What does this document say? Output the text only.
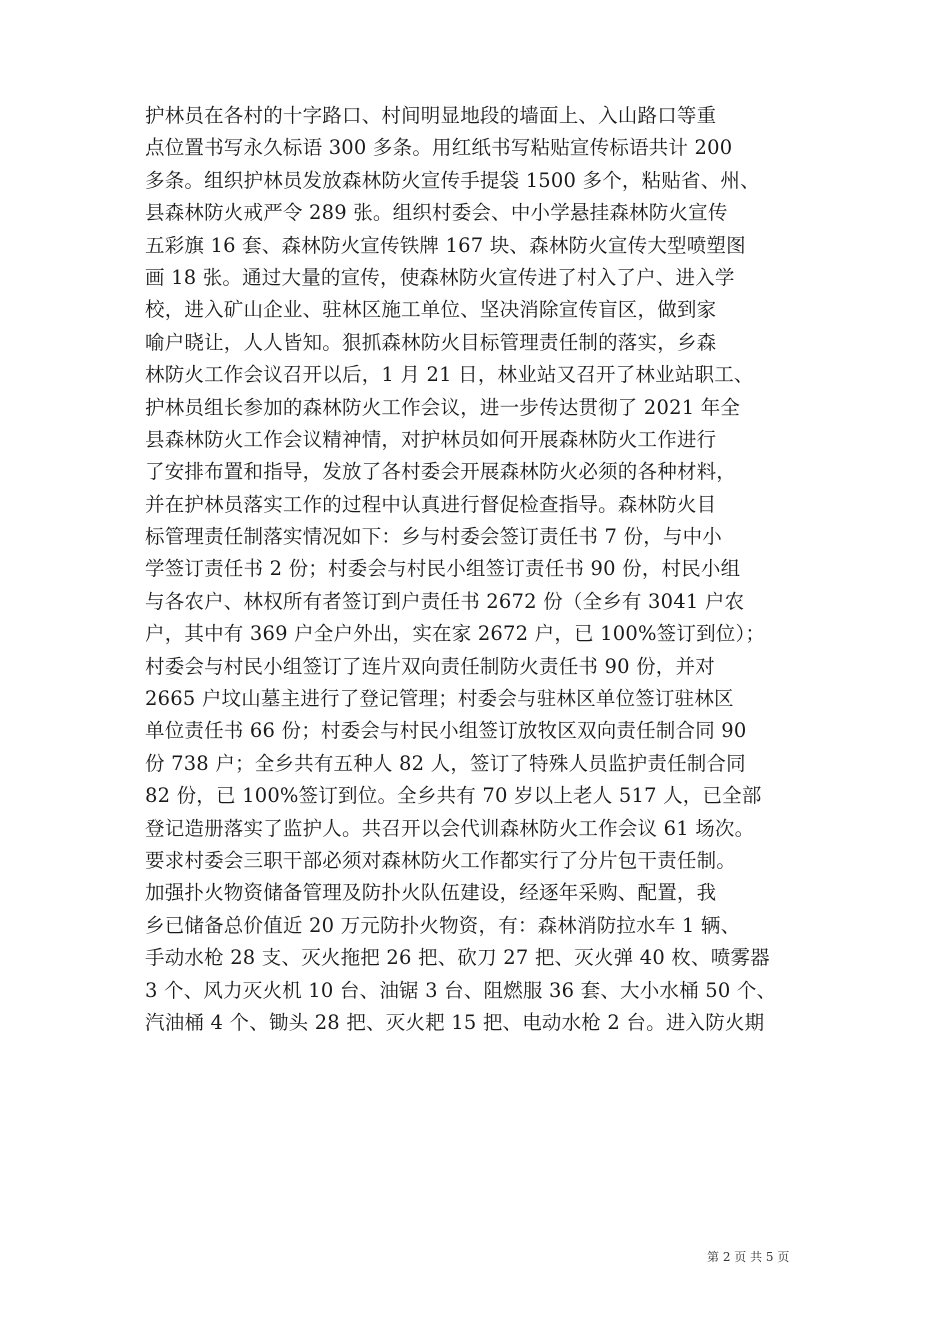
护林员在各村的十字路口、村间明显地段的墙面上、入山路口等重
点位置书写永久标语 300 多条。用红纸书写粘贴宣传标语共计 200
多条。组织护林员发放森林防火宣传手提袋 1500 多个，粘贴省、州、
县森林防火戒严令 289 张。组织村委会、中小学悬挂森林防火宣传
五彩旗 16 套、森林防火宣传铁牌 167 块、森林防火宣传大型喷塑图
画 18 张。通过大量的宣传，使森林防火宣传进了村入了户、进入学
校，进入矿山企业、驻林区施工单位、坚决消除宣传盲区，做到家
喻户晓让，人人皆知。狠抓森林防火目标管理责任制的落实，乡森
林防火工作会议召开以后，1 月 21 日，林业站又召开了林业站职工、
护林员组长参加的森林防火工作会议，进一步传达贯彻了 2021 年全
县森林防火工作会议精神情，对护林员如何开展森林防火工作进行
了安排布置和指导，发放了各村委会开展森林防火必须的各种材料，
并在护林员落实工作的过程中认真进行督促检查指导。森林防火目
标管理责任制落实情况如下：乡与村委会签订责任书 7 份，与中小
学签订责任书 2 份；村委会与村民小组签订责任书 90 份，村民小组
与各农户、林权所有者签订到户责任书 2672 份（全乡有 3041 户农
户，其中有 369 户全户外出，实在家 2672 户，已 100%签订到位）；
村委会与村民小组签订了连片双向责任制防火责任书 90 份，并对
2665 户坟山墓主进行了登记管理；村委会与驻林区单位签订驻林区
单位责任书 66 份；村委会与村民小组签订放牧区双向责任制合同 90
份 738 户；全乡共有五种人 82 人，签订了特殊人员监护责任制合同
82 份，已 100%签订到位。全乡共有 70 岁以上老人 517 人，已全部
登记造册落实了监护人。共召开以会代训森林防火工作会议 61 场次。
要求村委会三职干部必须对森林防火工作都实行了分片包干责任制。
加强扑火物资储备管理及防扑火队伍建设，经逐年采购、配置，我
乡已储备总价值近 20 万元防扑火物资，有：森林消防拉水车 1 辆、
手动水枪 28 支、灭火拖把 26 把、砍刀 27 把、灭火弹 40 枚、喷雾器
3 个、风力灭火机 10 台、油锯 3 台、阻燃服 36 套、大小水桶 50 个、
汽油桶 4 个、锄头 28 把、灭火耙 15 把、电动水枪 2 台。进入防火期
第 2 页 共 5 页
